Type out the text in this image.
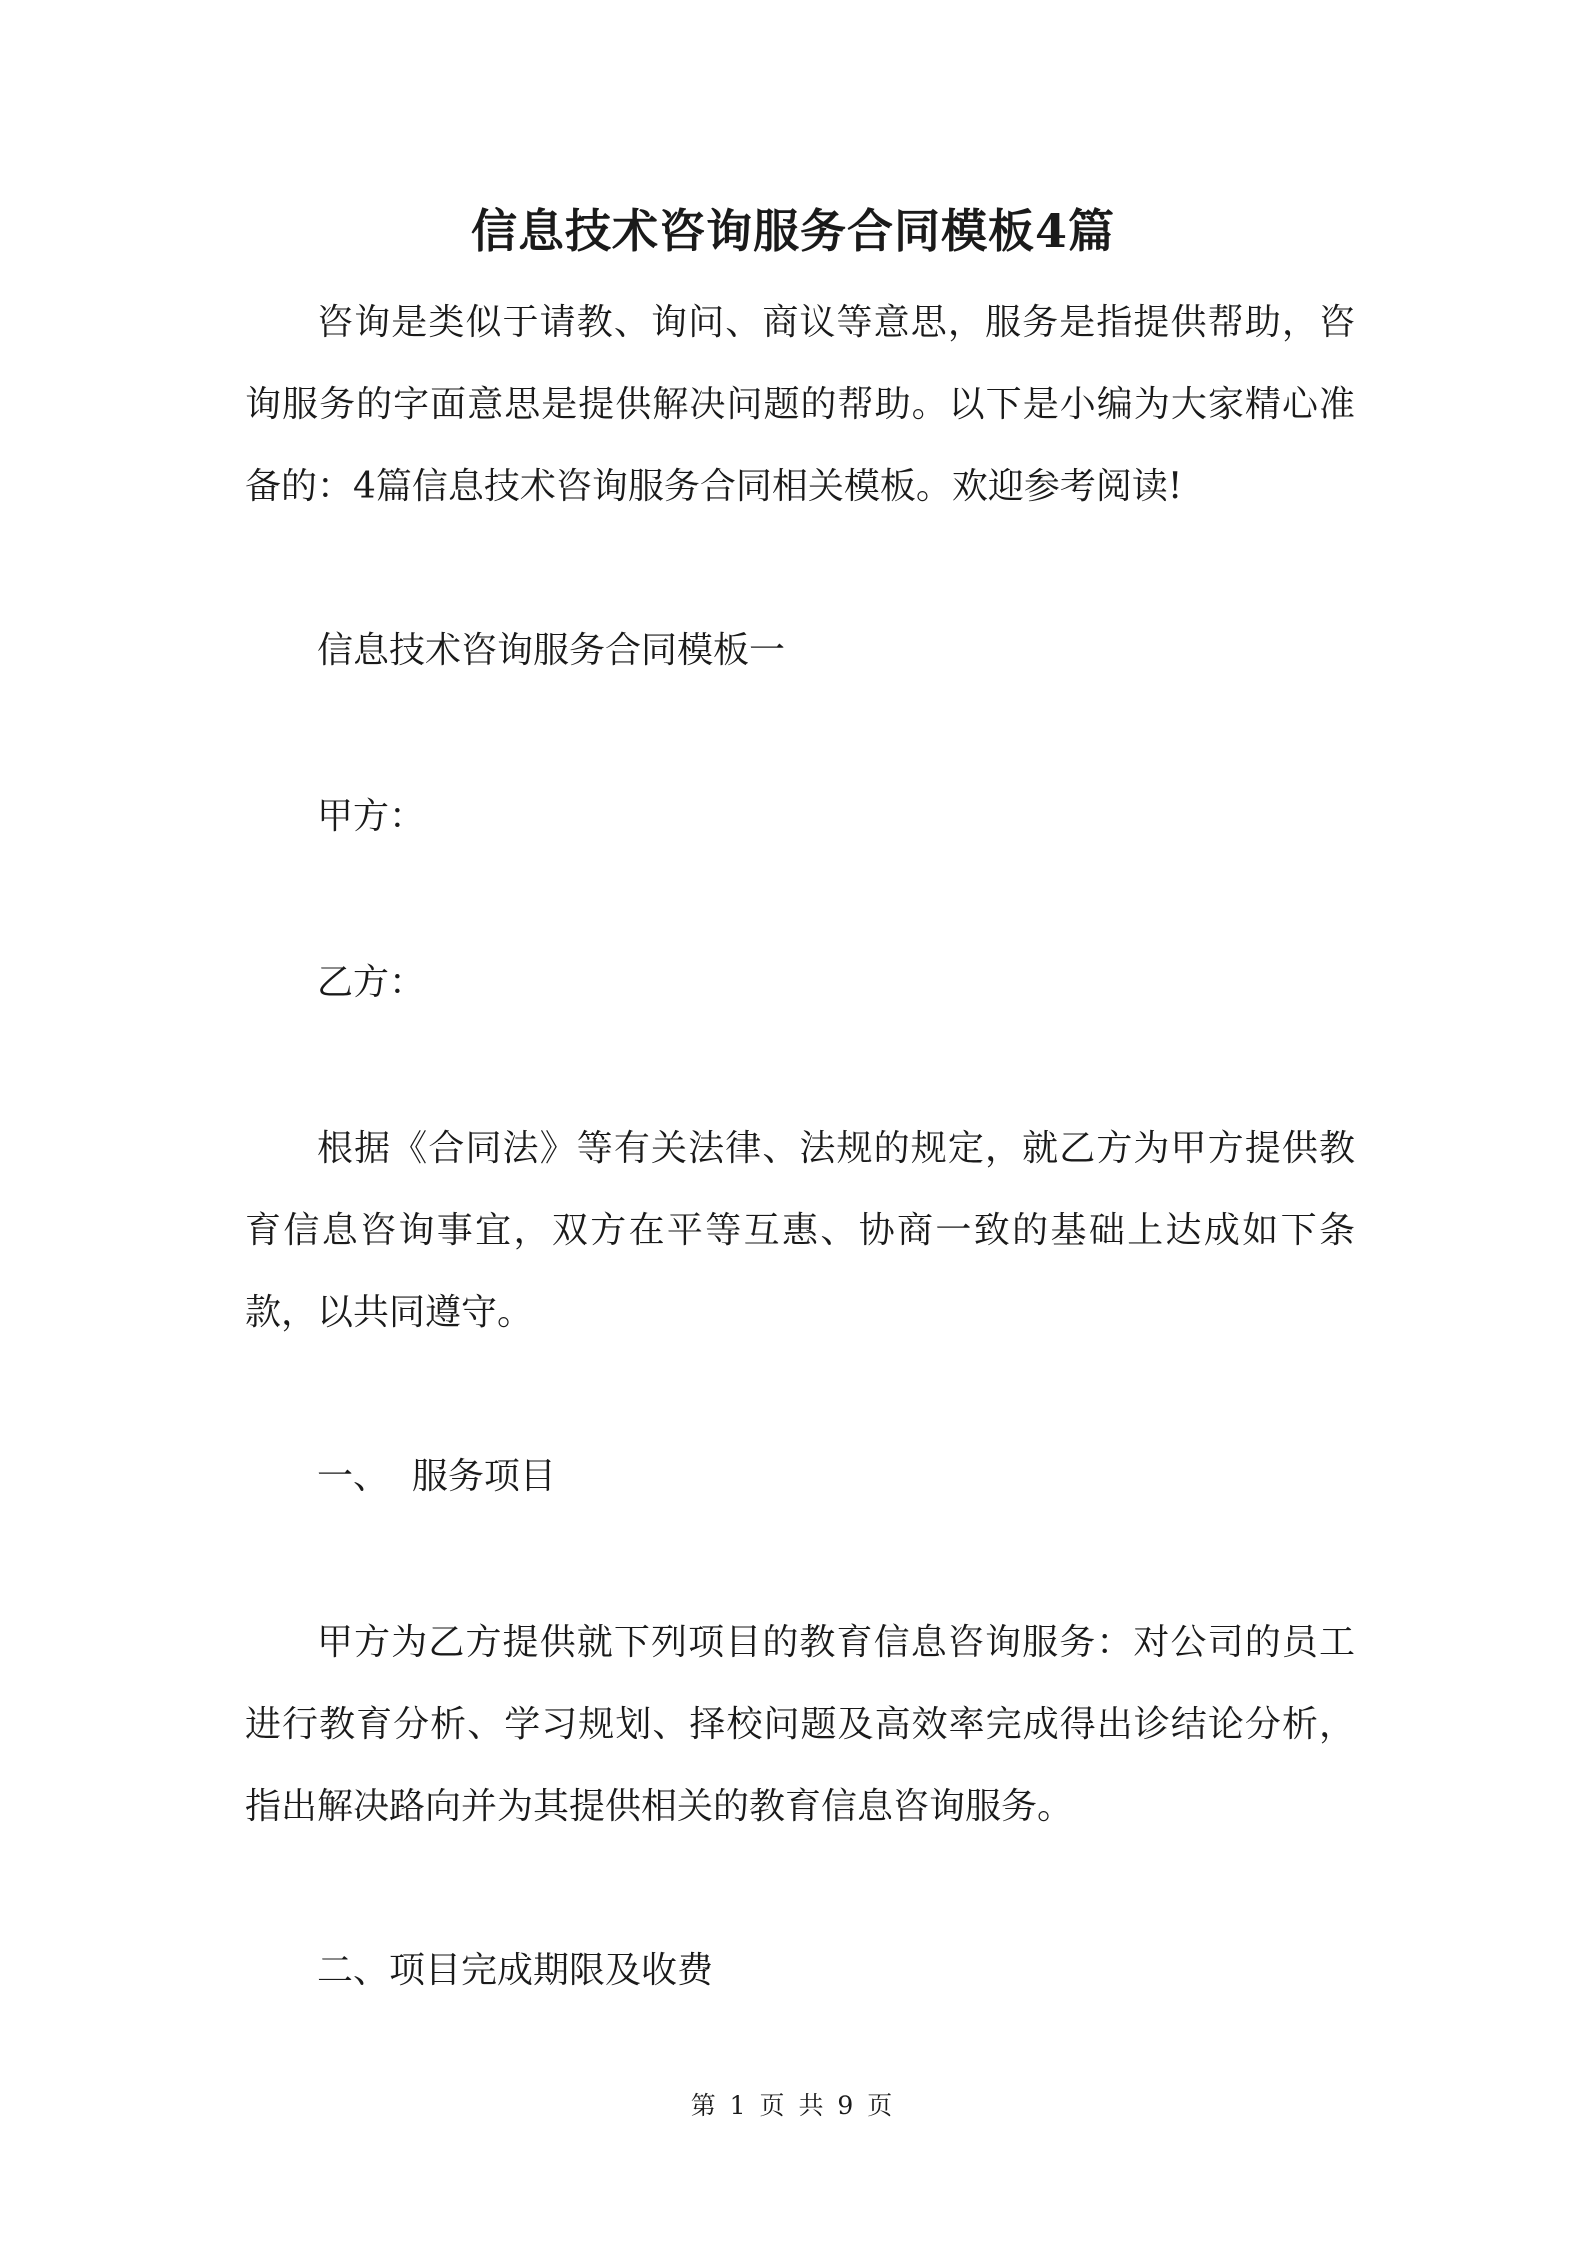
信息技术咨询服务合同模板4篇
咨询是类似于请教、询问、商议等意思，服务是指提供帮助，咨询服务的字面意思是提供解决问题的帮助。以下是小编为大家精心准备的：4篇信息技术咨询服务合同相关模板。欢迎参考阅读!
信息技术咨询服务合同模板一
甲方：
乙方：
根据《合同法》等有关法律、法规的规定，就乙方为甲方提供教育信息咨询事宜，双方在平等互惠、协商一致的基础上达成如下条款，以共同遵守。
一、  服务项目
甲方为乙方提供就下列项目的教育信息咨询服务：对公司的员工进行教育分析、学习规划、择校问题及高效率完成得出诊结论分析，指出解决路向并为其提供相关的教育信息咨询服务。
二、项目完成期限及收费
第 1 页 共 9 页
